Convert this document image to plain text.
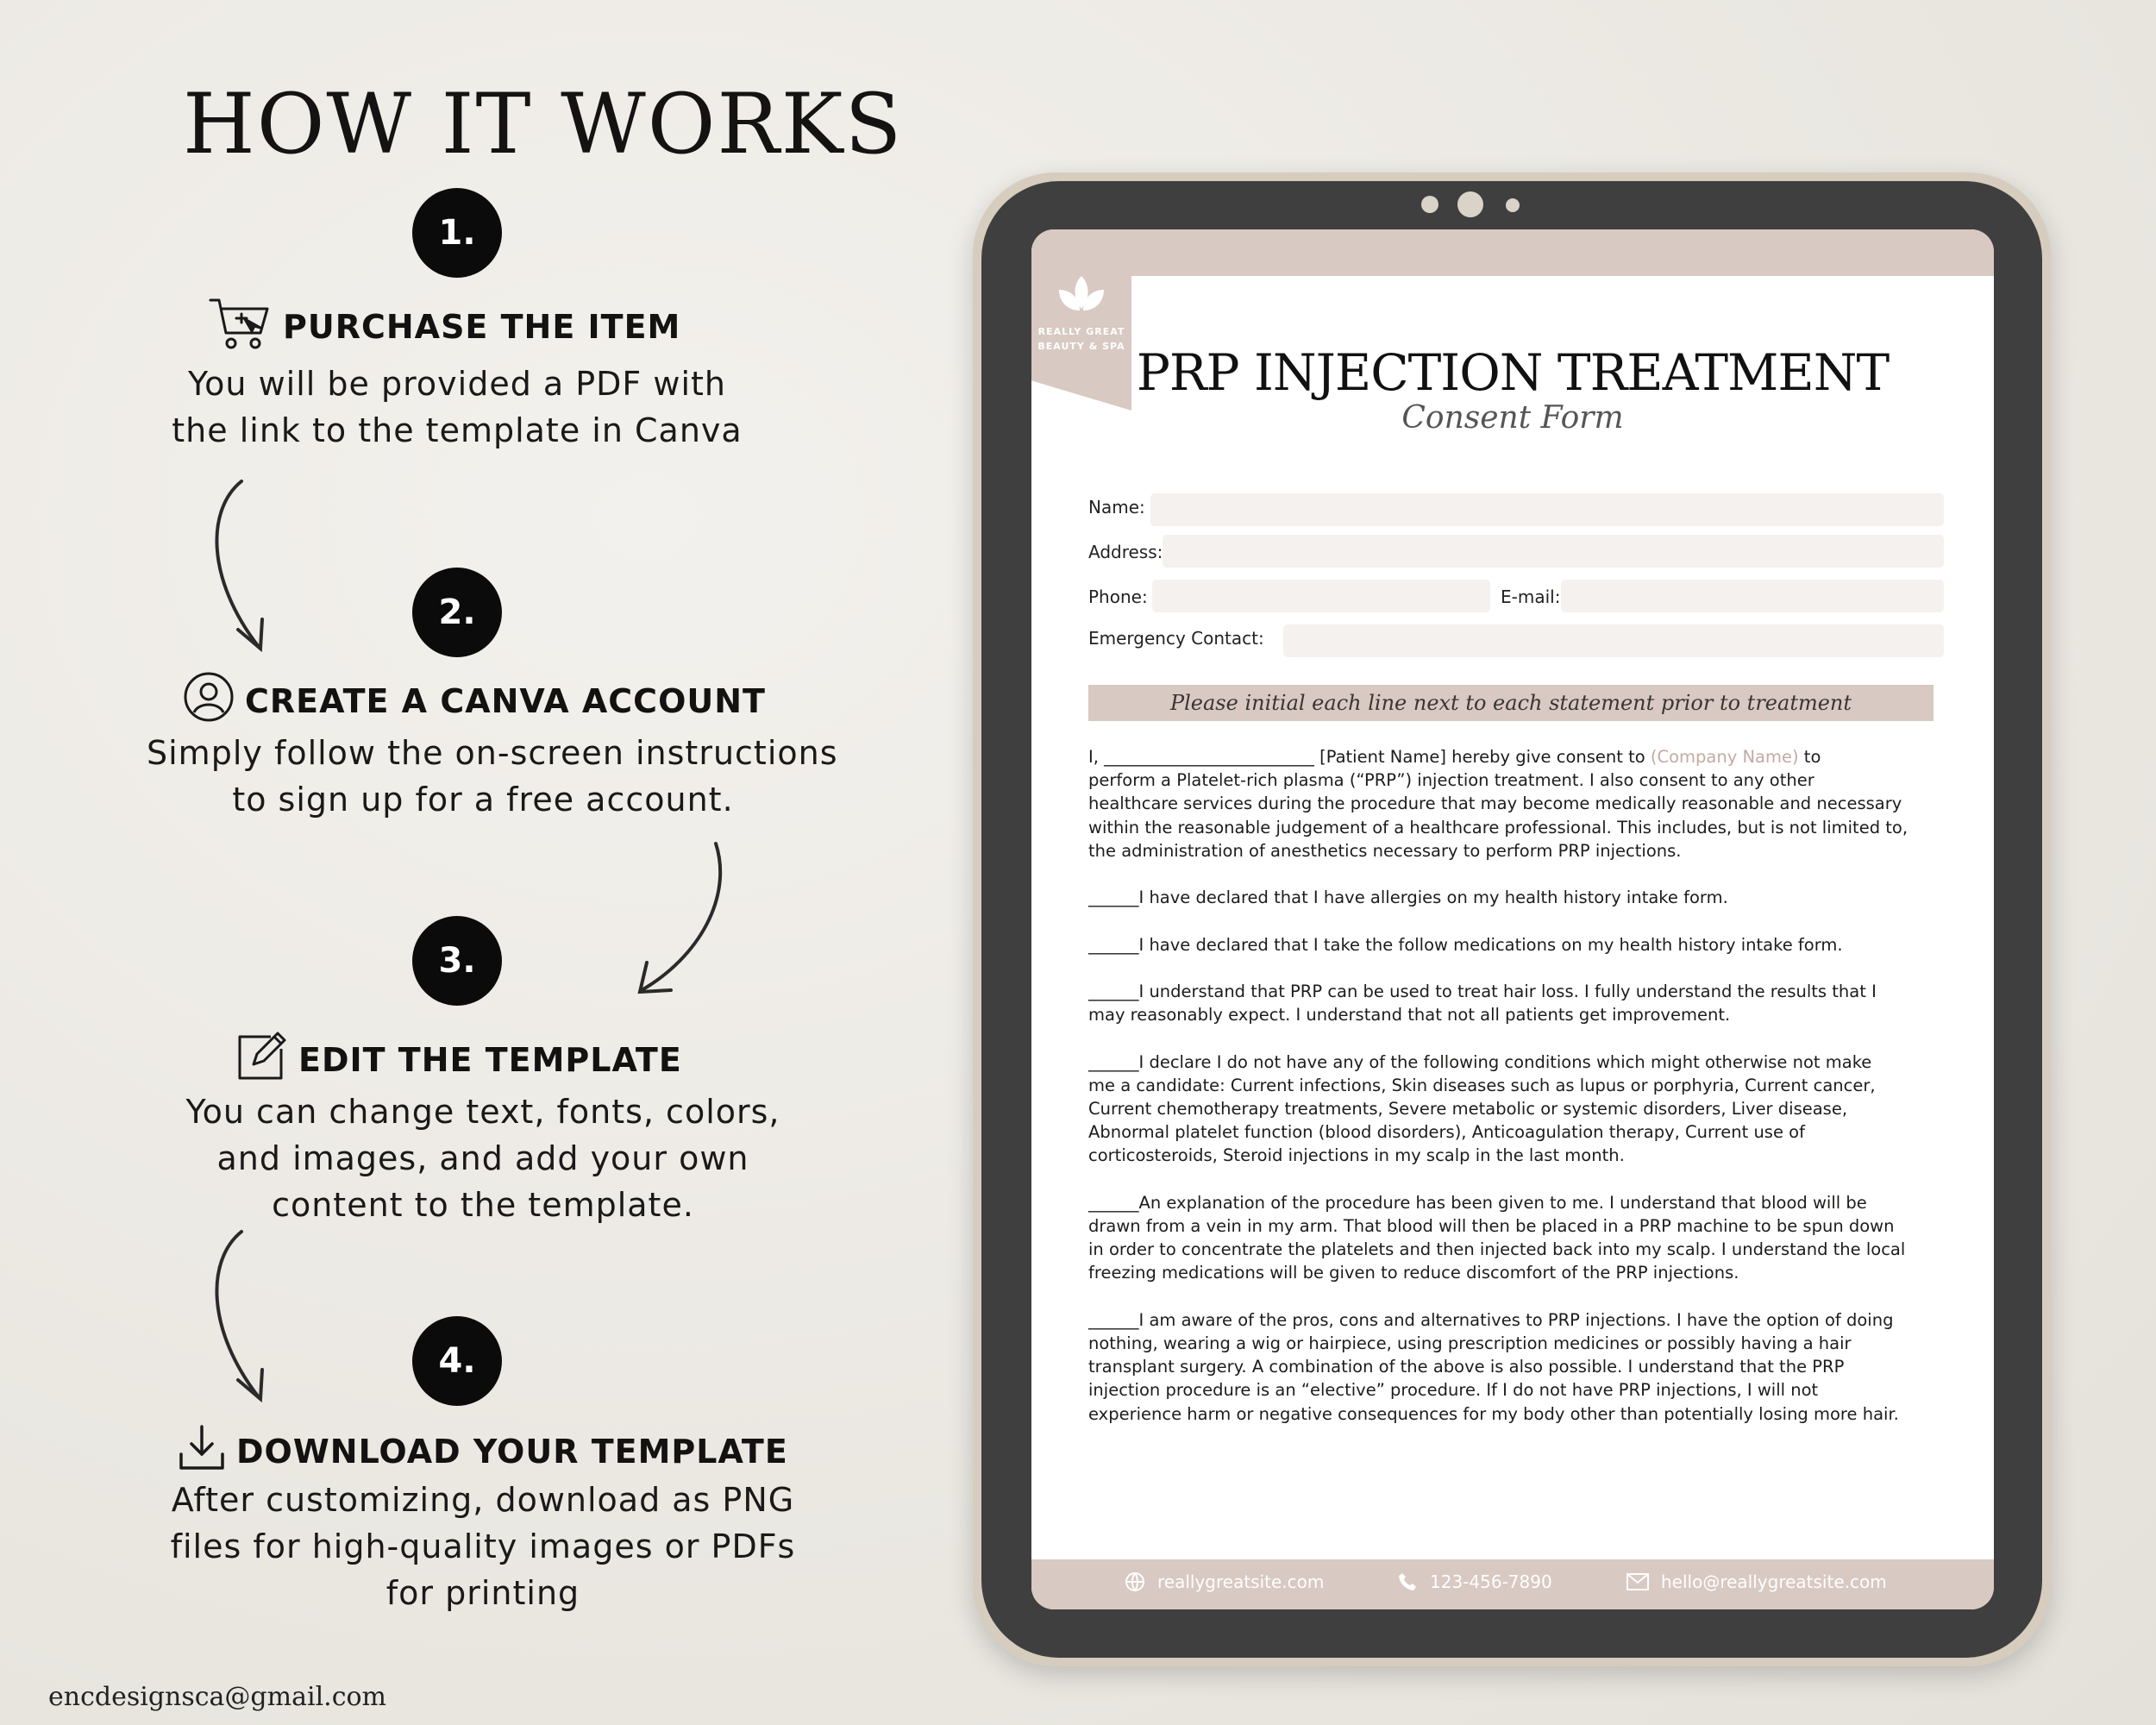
HOW IT WORKS
1.
PURCHASE THE ITEM
You will be provided a PDF with
the link to the template in Canva
2.
CREATE A CANVA ACCOUNT
Simply follow the on-screen instructions
to sign up for a free account.
3.
EDIT THE TEMPLATE
You can change text, fonts, colors,
and images, and add your own
content to the template.
4.
DOWNLOAD YOUR TEMPLATE
After customizing, download as PNG
files for high-quality images or PDFs
for printing
encdesignsca@gmail.com
REALLY GREAT
BEAUTY & SPA PRP INJECTION TREATMENT
Consent Form
Name:
Address:
Phone:	E-mail:
Emergency Contact:
Please initial each line next to each statement prior to treatment

I, _________________________ [Patient Name] hereby give consent to (Company Name) to
perform a Platelet-rich plasma (“PRP”) injection treatment. I also consent to any other
healthcare services during the procedure that may become medically reasonable and necessary
within the reasonable judgement of a healthcare professional. This includes, but is not limited to,
the administration of anesthetics necessary to perform PRP injections.

______I have declared that I have allergies on my health history intake form.

______I have declared that I take the follow medications on my health history intake form.

______I understand that PRP can be used to treat hair loss. I fully understand the results that I
may reasonably expect. I understand that not all patients get improvement.

______I declare I do not have any of the following conditions which might otherwise not make
me a candidate: Current infections, Skin diseases such as lupus or porphyria, Current cancer,
Current chemotherapy treatments, Severe metabolic or systemic disorders, Liver disease,
Abnormal platelet function (blood disorders), Anticoagulation therapy, Current use of
corticosteroids, Steroid injections in my scalp in the last month.

______An explanation of the procedure has been given to me. I understand that blood will be
drawn from a vein in my arm. That blood will then be placed in a PRP machine to be spun down
in order to concentrate the platelets and then injected back into my scalp. I understand the local
freezing medications will be given to reduce discomfort of the PRP injections.

______I am aware of the pros, cons and alternatives to PRP injections. I have the option of doing
nothing, wearing a wig or hairpiece, using prescription medicines or possibly having a hair
transplant surgery. A combination of the above is also possible. I understand that the PRP
injection procedure is an “elective” procedure. If I do not have PRP injections, I will not
experience harm or negative consequences for my body other than potentially losing more hair.

reallygreatsite.com	123-456-7890	hello@reallygreatsite.com
